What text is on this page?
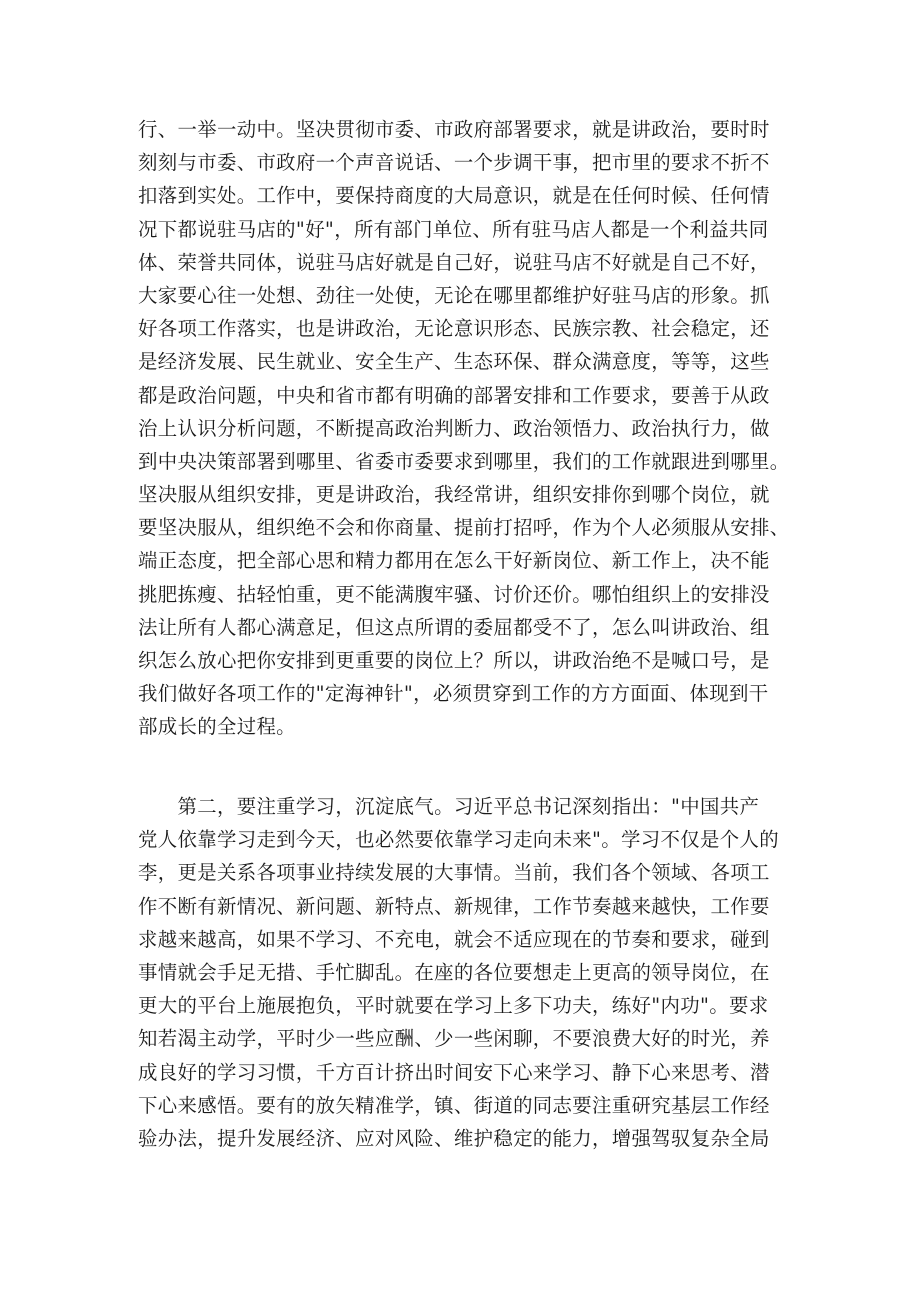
行、一举一动中。坚决贯彻市委、市政府部署要求，就是讲政治，要时时
刻刻与市委、市政府一个声音说话、一个步调干事，把市里的要求不折不
扣落到实处。工作中，要保持商度的大局意识，就是在任何时候、任何情
况下都说驻马店的"好"，所有部门单位、所有驻马店人都是一个利益共同
体、荣誉共同体，说驻马店好就是自己好，说驻马店不好就是自己不好，
大家要心往一处想、劲往一处使，无论在哪里都维护好驻马店的形象。抓
好各项工作落实，也是讲政治，无论意识形态、民族宗教、社会稳定，还
是经济发展、民生就业、安全生产、生态环保、群众满意度，等等，这些
都是政治问题，中央和省市都有明确的部署安排和工作要求，要善于从政
治上认识分析问题，不断提高政治判断力、政治领悟力、政治执行力，做
到中央决策部署到哪里、省委市委要求到哪里，我们的工作就跟进到哪里。
坚决服从组织安排，更是讲政治，我经常讲，组织安排你到哪个岗位，就
要坚决服从，组织绝不会和你商量、提前打招呼，作为个人必须服从安排、
端正态度，把全部心思和精力都用在怎么干好新岗位、新工作上，决不能
挑肥拣瘦、拈轻怕重，更不能满腹牢骚、讨价还价。哪怕组织上的安排没
法让所有人都心满意足，但这点所谓的委屈都受不了，怎么叫讲政治、组
织怎么放心把你安排到更重要的岗位上？所以，讲政治绝不是喊口号，是
我们做好各项工作的"定海神针"，必须贯穿到工作的方方面面、体现到干
部成长的全过程。
　　第二，要注重学习，沉淀底气。习近平总书记深刻指出："中国共产
党人依靠学习走到今天，也必然要依靠学习走向未来"。学习不仅是个人的
李，更是关系各项事业持续发展的大事情。当前，我们各个领域、各项工
作不断有新情况、新问题、新特点、新规律，工作节奏越来越快，工作要
求越来越高，如果不学习、不充电，就会不适应现在的节奏和要求，碰到
事情就会手足无措、手忙脚乱。在座的各位要想走上更高的领导岗位，在
更大的平台上施展抱负，平时就要在学习上多下功夫，练好"内功"。要求
知若渴主动学，平时少一些应酬、少一些闲聊，不要浪费大好的时光，养
成良好的学习习惯，千方百计挤出时间安下心来学习、静下心来思考、潜
下心来感悟。要有的放矢精准学，镇、街道的同志要注重研究基层工作经
验办法，提升发展经济、应对风险、维护稳定的能力，增强驾驭复杂全局
